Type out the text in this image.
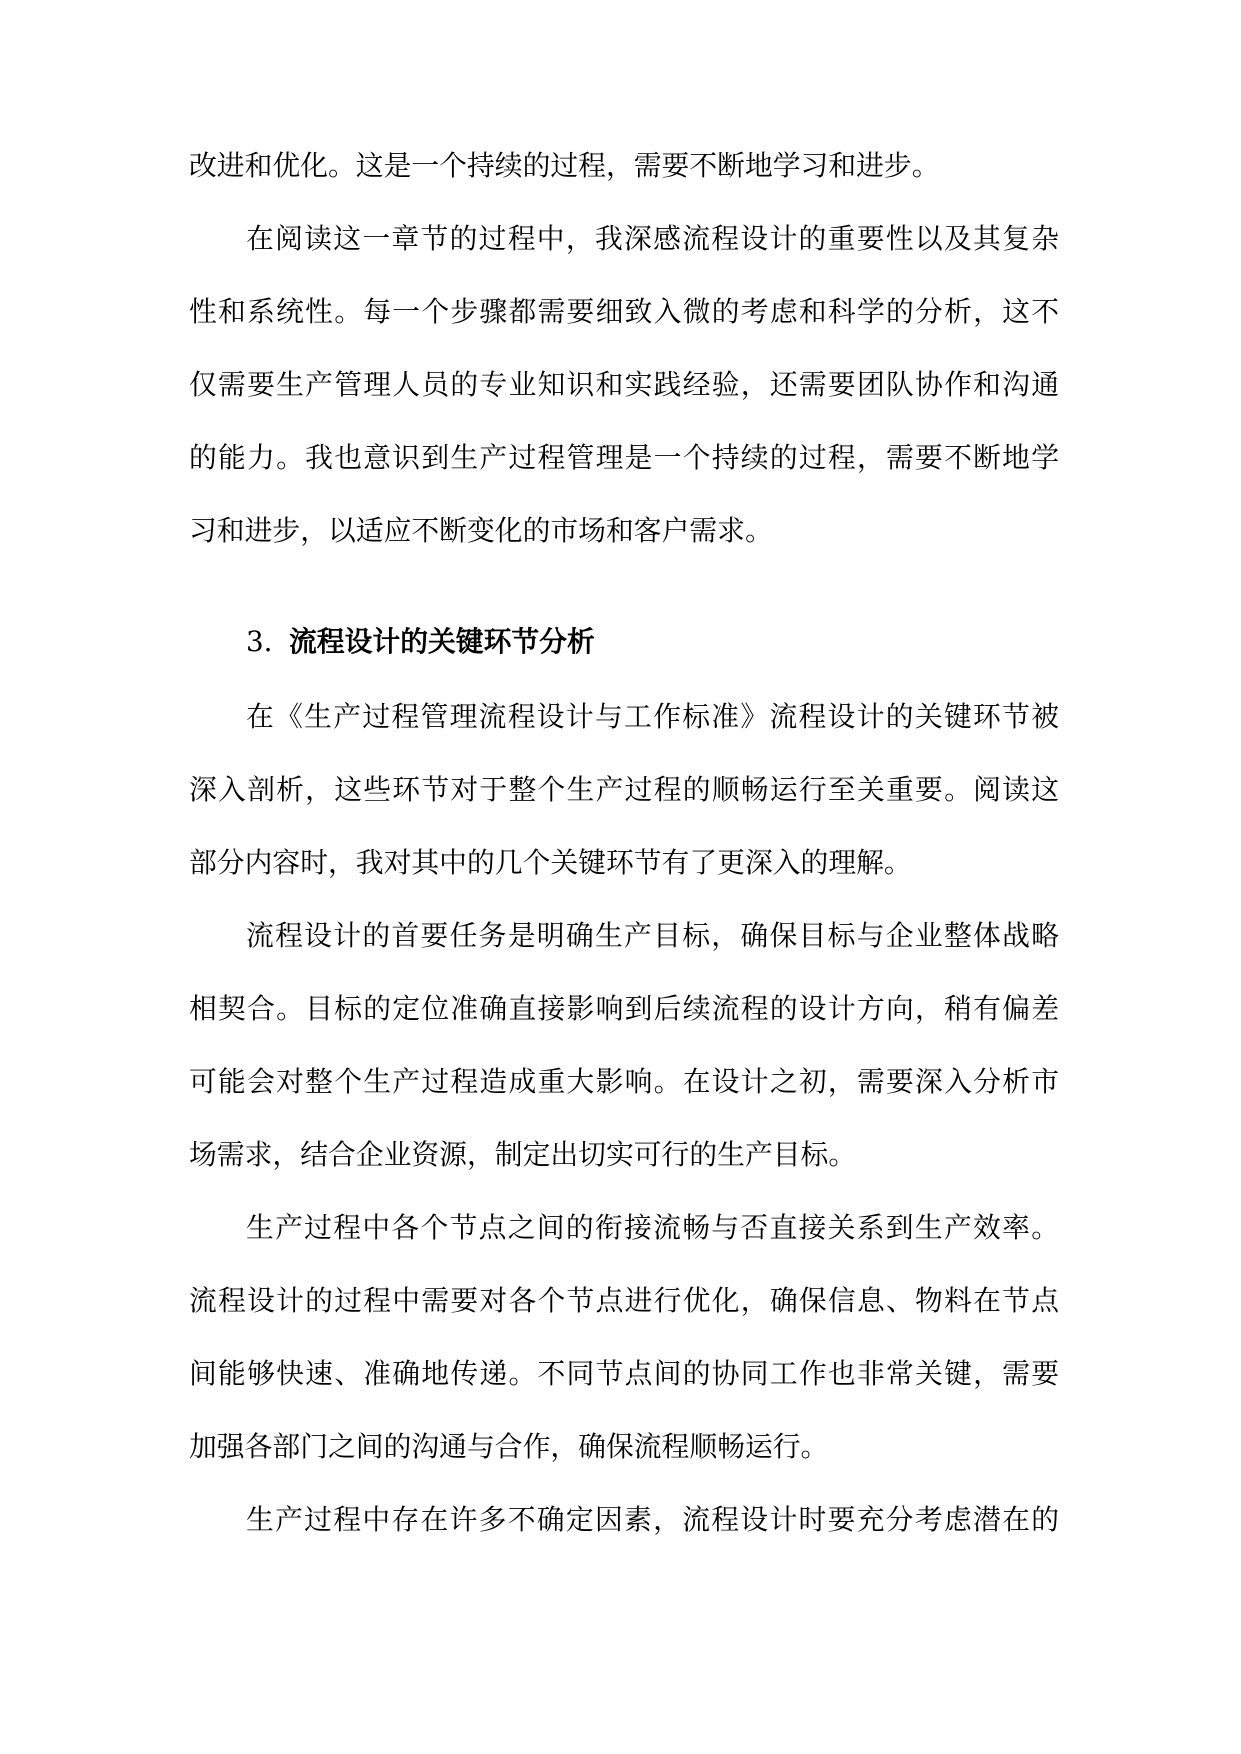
改进和优化。这是一个持续的过程，需要不断地学习和进步。
在阅读这一章节的过程中，我深感流程设计的重要性以及其复杂
性和系统性。每一个步骤都需要细致入微的考虑和科学的分析，这不
仅需要生产管理人员的专业知识和实践经验，还需要团队协作和沟通
的能力。我也意识到生产过程管理是一个持续的过程，需要不断地学
习和进步，以适应不断变化的市场和客户需求。
3. 流程设计的关键环节分析
在《生产过程管理流程设计与工作标准》流程设计的关键环节被
深入剖析，这些环节对于整个生产过程的顺畅运行至关重要。阅读这
部分内容时，我对其中的几个关键环节有了更深入的理解。
流程设计的首要任务是明确生产目标，确保目标与企业整体战略
相契合。目标的定位准确直接影响到后续流程的设计方向，稍有偏差
可能会对整个生产过程造成重大影响。在设计之初，需要深入分析市
场需求，结合企业资源，制定出切实可行的生产目标。
生产过程中各个节点之间的衔接流畅与否直接关系到生产效率。
流程设计的过程中需要对各个节点进行优化，确保信息、物料在节点
间能够快速、准确地传递。不同节点间的协同工作也非常关键，需要
加强各部门之间的沟通与合作，确保流程顺畅运行。
生产过程中存在许多不确定因素，流程设计时要充分考虑潜在的
